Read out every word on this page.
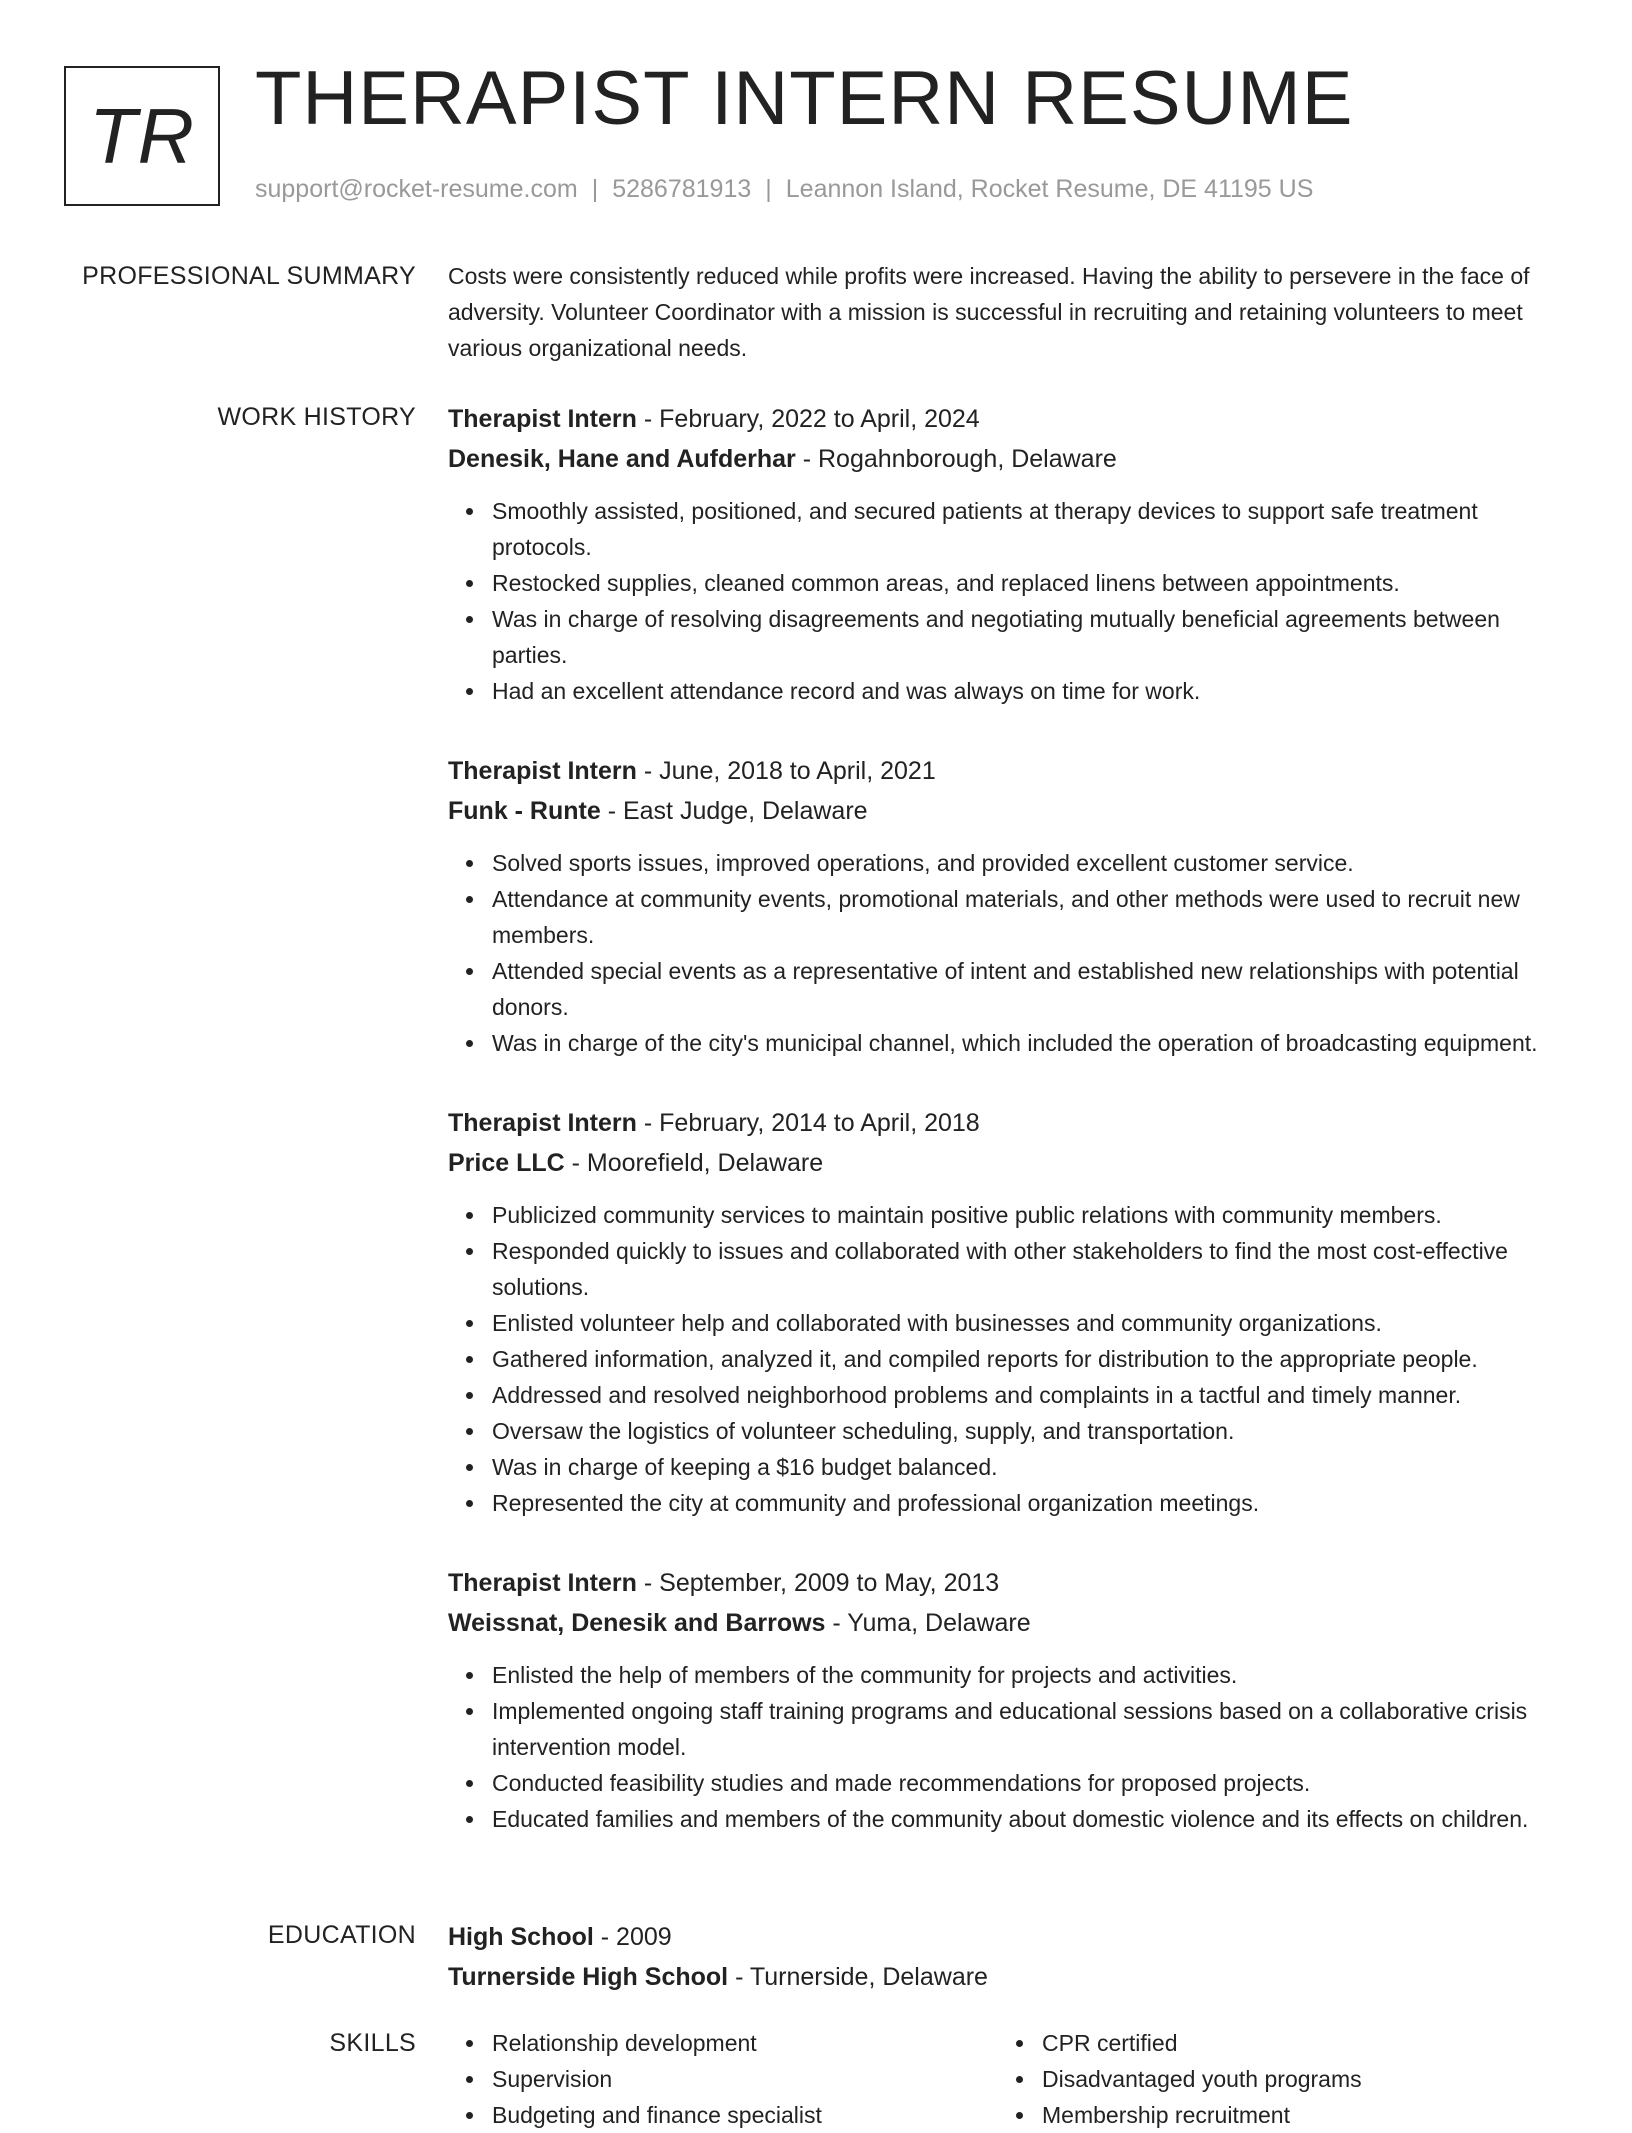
TR THERAPIST INTERN RESUME
support@rocket-resume.com | 5286781913 | Leannon Island, Rocket Resume, DE 41195 US
PROFESSIONAL SUMMARY Costs were consistently reduced while profits were increased. Having the ability to persevere in the face of adversity. Volunteer Coordinator with a mission is successful in recruiting and retaining volunteers to meet various organizational needs.
WORK HISTORY Therapist Intern - February, 2022 to April, 2024
Denesik, Hane and Aufderhar - Rogahnborough, Delaware
Smoothly assisted, positioned, and secured patients at therapy devices to support safe treatment protocols.
Restocked supplies, cleaned common areas, and replaced linens between appointments.
Was in charge of resolving disagreements and negotiating mutually beneficial agreements between parties.
Had an excellent attendance record and was always on time for work.
Therapist Intern - June, 2018 to April, 2021
Funk - Runte - East Judge, Delaware
Solved sports issues, improved operations, and provided excellent customer service.
Attendance at community events, promotional materials, and other methods were used to recruit new members.
Attended special events as a representative of intent and established new relationships with potential donors.
Was in charge of the city's municipal channel, which included the operation of broadcasting equipment.
Therapist Intern - February, 2014 to April, 2018
Price LLC - Moorefield, Delaware
Publicized community services to maintain positive public relations with community members.
Responded quickly to issues and collaborated with other stakeholders to find the most cost-effective solutions.
Enlisted volunteer help and collaborated with businesses and community organizations.
Gathered information, analyzed it, and compiled reports for distribution to the appropriate people.
Addressed and resolved neighborhood problems and complaints in a tactful and timely manner.
Oversaw the logistics of volunteer scheduling, supply, and transportation.
Was in charge of keeping a $16 budget balanced.
Represented the city at community and professional organization meetings.
Therapist Intern - September, 2009 to May, 2013
Weissnat, Denesik and Barrows - Yuma, Delaware
Enlisted the help of members of the community for projects and activities.
Implemented ongoing staff training programs and educational sessions based on a collaborative crisis intervention model.
Conducted feasibility studies and made recommendations for proposed projects.
Educated families and members of the community about domestic violence and its effects on children.
EDUCATION High School - 2009
Turnerside High School - Turnerside, Delaware
SKILLS	Relationship development
Supervision
Budgeting and finance specialist
CPR certified
Disadvantaged youth programs
Membership recruitment
